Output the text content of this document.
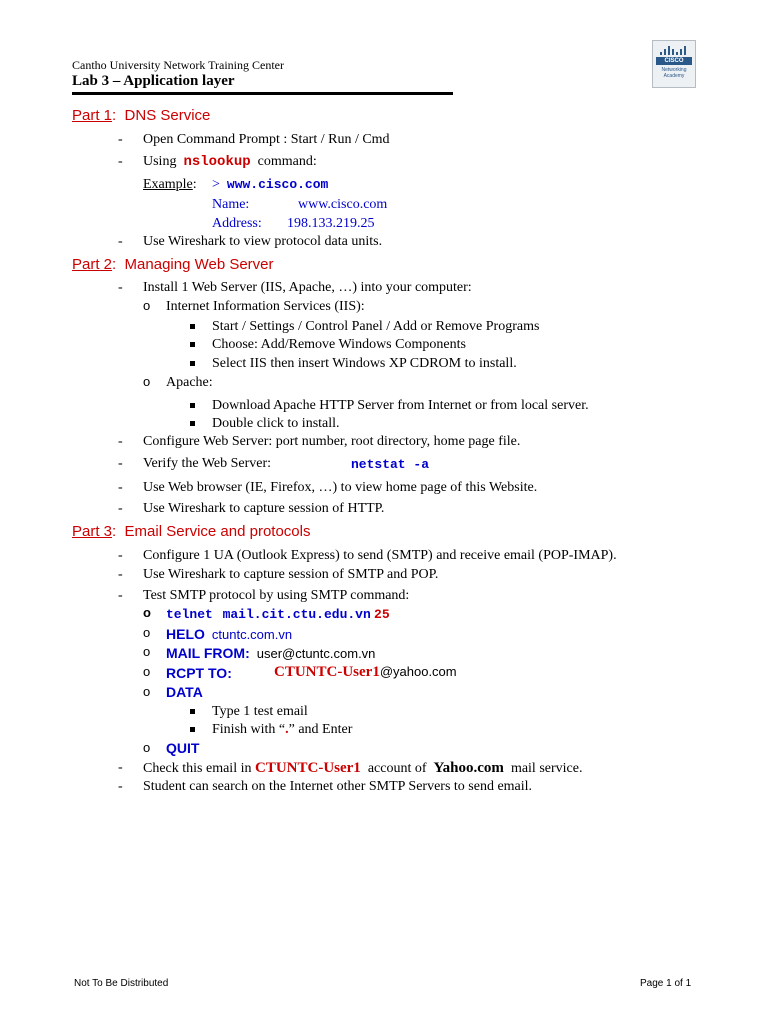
Cantho University Network Training Center
Lab 3 – Application layer
CISCO
Networking Academy
Part 1: DNS Service
- Open Command Prompt : Start / Run / Cmd
- Using nslookup command:
Example: > www.cisco.com
Name:	www.cisco.com
Address: 198.133.219.25
- Use Wireshark to view protocol data units.
Part 2: Managing Web Server
- Install 1 Web Server (IIS, Apache, …) into your computer:
o Internet Information Services (IIS):
Start / Settings / Control Panel / Add or Remove Programs
Choose: Add/Remove Windows Components
Select IIS then insert Windows XP CDROM to install.
o Apache:
Download Apache HTTP Server from Internet or from local server.
Double click to install.
- Configure Web Server: port number, root directory, home page file.
- Verify the Web Server:	netstat -a
- Use Web browser (IE, Firefox, …) to view home page of this Website.
- Use Wireshark to capture session of HTTP.
Part 3: Email Service and protocols
- Configure 1 UA (Outlook Express) to send (SMTP) and receive email (POP-IMAP).
- Use Wireshark to capture session of SMTP and POP.
- Test SMTP protocol by using SMTP command:
o telnet mail.cit.ctu.edu.vn 25
o HELO ctuntc.com.vn
o MAIL FROM: user@ctuntc.com.vn
o RCPT TO:	CTUNTC-User1@yahoo.com
o DATA
Type 1 test email
Finish with “.” and Enter
o QUIT
- Check this email in CTUNTC-User1 account of Yahoo.com mail service.
- Student can search on the Internet other SMTP Servers to send email.
Not To Be Distributed	Page 1 of 1
